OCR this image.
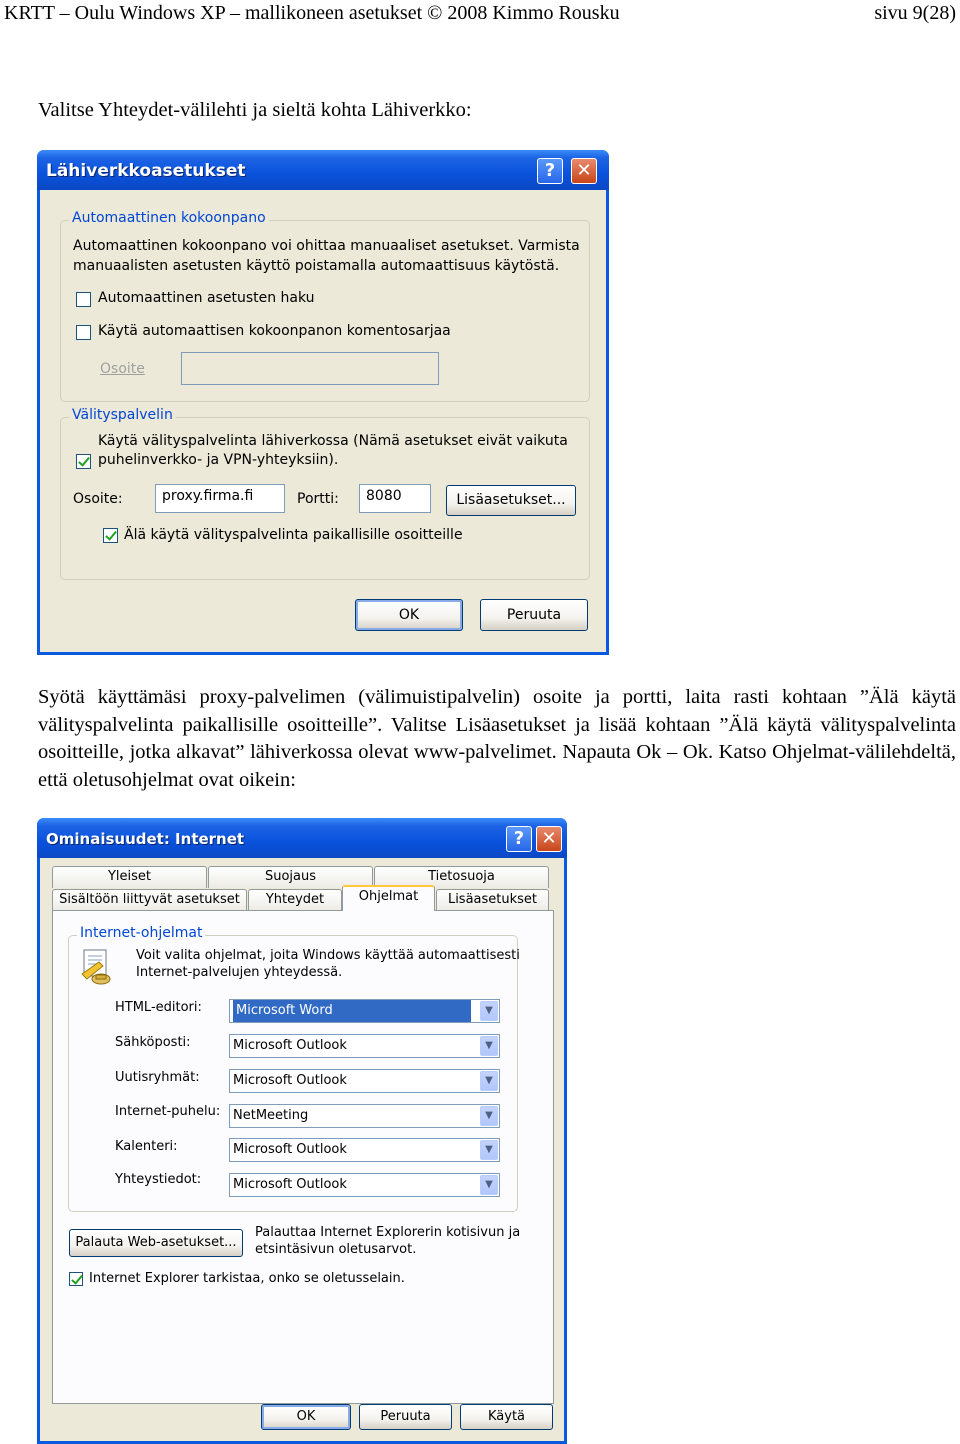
KRTT – Oulu Windows XP – mallikoneen asetukset © 2008 Kimmo Rousku	sivu 9(28)
Valitse Yhteydet-välilehti ja sieltä kohta Lähiverkko:
Lähiverkkoasetukset	?	✕
Automaattinen kokoonpano
Automaattinen kokoonpano voi ohittaa manuaaliset asetukset. Varmista
manuaalisten asetusten käyttö poistamalla automaattisuus käytöstä.
Automaattinen asetusten haku
Käytä automaattisen kokoonpanon komentosarjaa
Osoite
Välityspalvelin
Käytä välityspalvelinta lähiverkossa (Nämä asetukset eivät vaikuta
puhelinverkko- ja VPN-yhteyksiin).
Osoite:	proxy.firma.fi	Portti:	8080	Lisäasetukset...
Älä käytä välityspalvelinta paikallisille osoitteille
OK	Peruuta
Syötä käyttämäsi proxy-palvelimen (välimuistipalvelin) osoite ja portti, laita rasti kohtaan ”Älä käytä välityspalvelinta paikallisille osoitteille”. Valitse Lisäasetukset ja lisää kohtaan ”Älä käytä välityspalvelinta osoitteille, jotka alkavat” lähiverkossa olevat www-palvelimet. Napauta Ok – Ok. Katso Ohjelmat-välilehdeltä, että oletusohjelmat ovat oikein:
Ominaisuudet: Internet	? ✕
Yleiset	Suojaus	Tietosuoja
Sisältöön liittyvät asetukset	Yhteydet	Ohjelmat	Lisäasetukset
Internet-ohjelmat
Voit valita ohjelmat, joita Windows käyttää automaattisesti
Internet-palvelujen yhteydessä.
HTML-editori:	Microsoft Word	▼
Sähköposti:	Microsoft Outlook	▼
Uutisryhmät:	Microsoft Outlook	▼
Internet-puhelu: NetMeeting	▼
Kalenteri:	Microsoft Outlook	▼
Yhteystiedot:	Microsoft Outlook	▼
Palauta Web-asetukset...
Palauttaa Internet Explorerin kotisivun ja
etsintäsivun oletusarvot.
Internet Explorer tarkistaa, onko se oletusselain.
OK	Peruuta	Käytä
